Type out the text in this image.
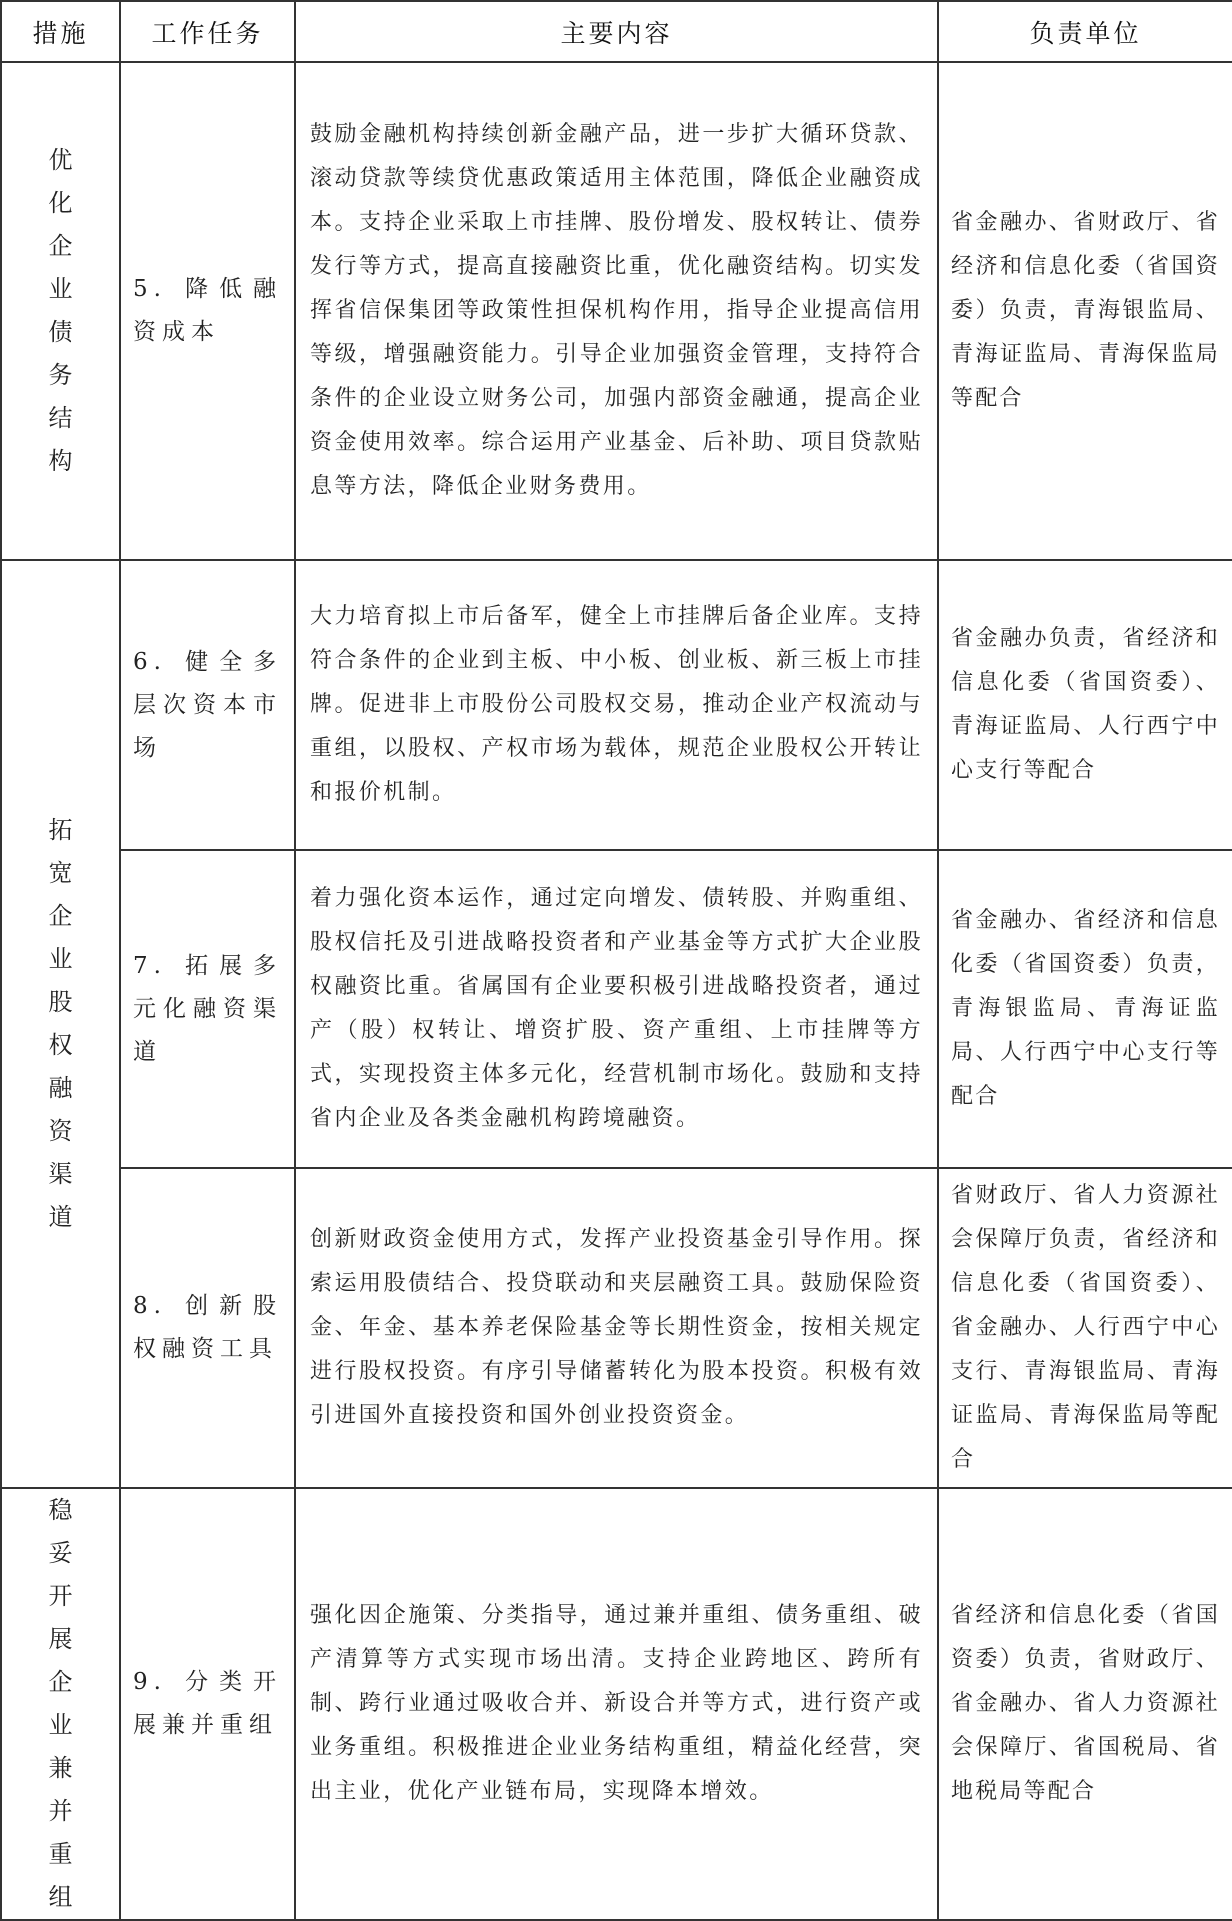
措施	工作任务	主要内容	负责单位
优化企业债务结构	5. 降低融资成本	鼓励金融机构持续创新金融产品，进一步扩大循环贷款、滚动贷款等续贷优惠政策适用主体范围，降低企业融资成本。支持企业采取上市挂牌、股份增发、股权转让、债券发行等方式，提高直接融资比重，优化融资结构。切实发挥省信保集团等政策性担保机构作用，指导企业提高信用等级，增强融资能力。引导企业加强资金管理，支持符合条件的企业设立财务公司，加强内部资金融通，提高企业资金使用效率。综合运用产业基金、后补助、项目贷款贴息等方法，降低企业财务费用。	省金融办、省财政厅、省经济和信息化委（省国资委）负责，青海银监局、青海证监局、青海保监局等配合
拓宽企业股权融资渠道	6. 健全多层次资本市场	大力培育拟上市后备军，健全上市挂牌后备企业库。支持符合条件的企业到主板、中小板、创业板、新三板上市挂牌。促进非上市股份公司股权交易，推动企业产权流动与重组，以股权、产权市场为载体，规范企业股权公开转让和报价机制。	省金融办负责，省经济和信息化委（省国资委）、青海证监局、人行西宁中心支行等配合
	7. 拓展多元化融资渠道	着力强化资本运作，通过定向增发、债转股、并购重组、股权信托及引进战略投资者和产业基金等方式扩大企业股权融资比重。省属国有企业要积极引进战略投资者，通过产（股）权转让、增资扩股、资产重组、上市挂牌等方式，实现投资主体多元化，经营机制市场化。鼓励和支持省内企业及各类金融机构跨境融资。	省金融办、省经济和信息化委（省国资委）负责，青海银监局、青海证监局、人行西宁中心支行等配合
	8. 创新股权融资工具	创新财政资金使用方式，发挥产业投资基金引导作用。探索运用股债结合、投贷联动和夹层融资工具。鼓励保险资金、年金、基本养老保险基金等长期性资金，按相关规定进行股权投资。有序引导储蓄转化为股本投资。积极有效引进国外直接投资和国外创业投资资金。	省财政厅、省人力资源社会保障厅负责，省经济和信息化委（省国资委）、省金融办、人行西宁中心支行、青海银监局、青海证监局、青海保监局等配合
稳妥开展企业兼并重组	9. 分类开展兼并重组	强化因企施策、分类指导，通过兼并重组、债务重组、破产清算等方式实现市场出清。支持企业跨地区、跨所有制、跨行业通过吸收合并、新设合并等方式，进行资产或业务重组。积极推进企业业务结构重组，精益化经营，突出主业，优化产业链布局，实现降本增效。	省经济和信息化委（省国资委）负责，省财政厅、省金融办、省人力资源社会保障厅、省国税局、省地税局等配合
